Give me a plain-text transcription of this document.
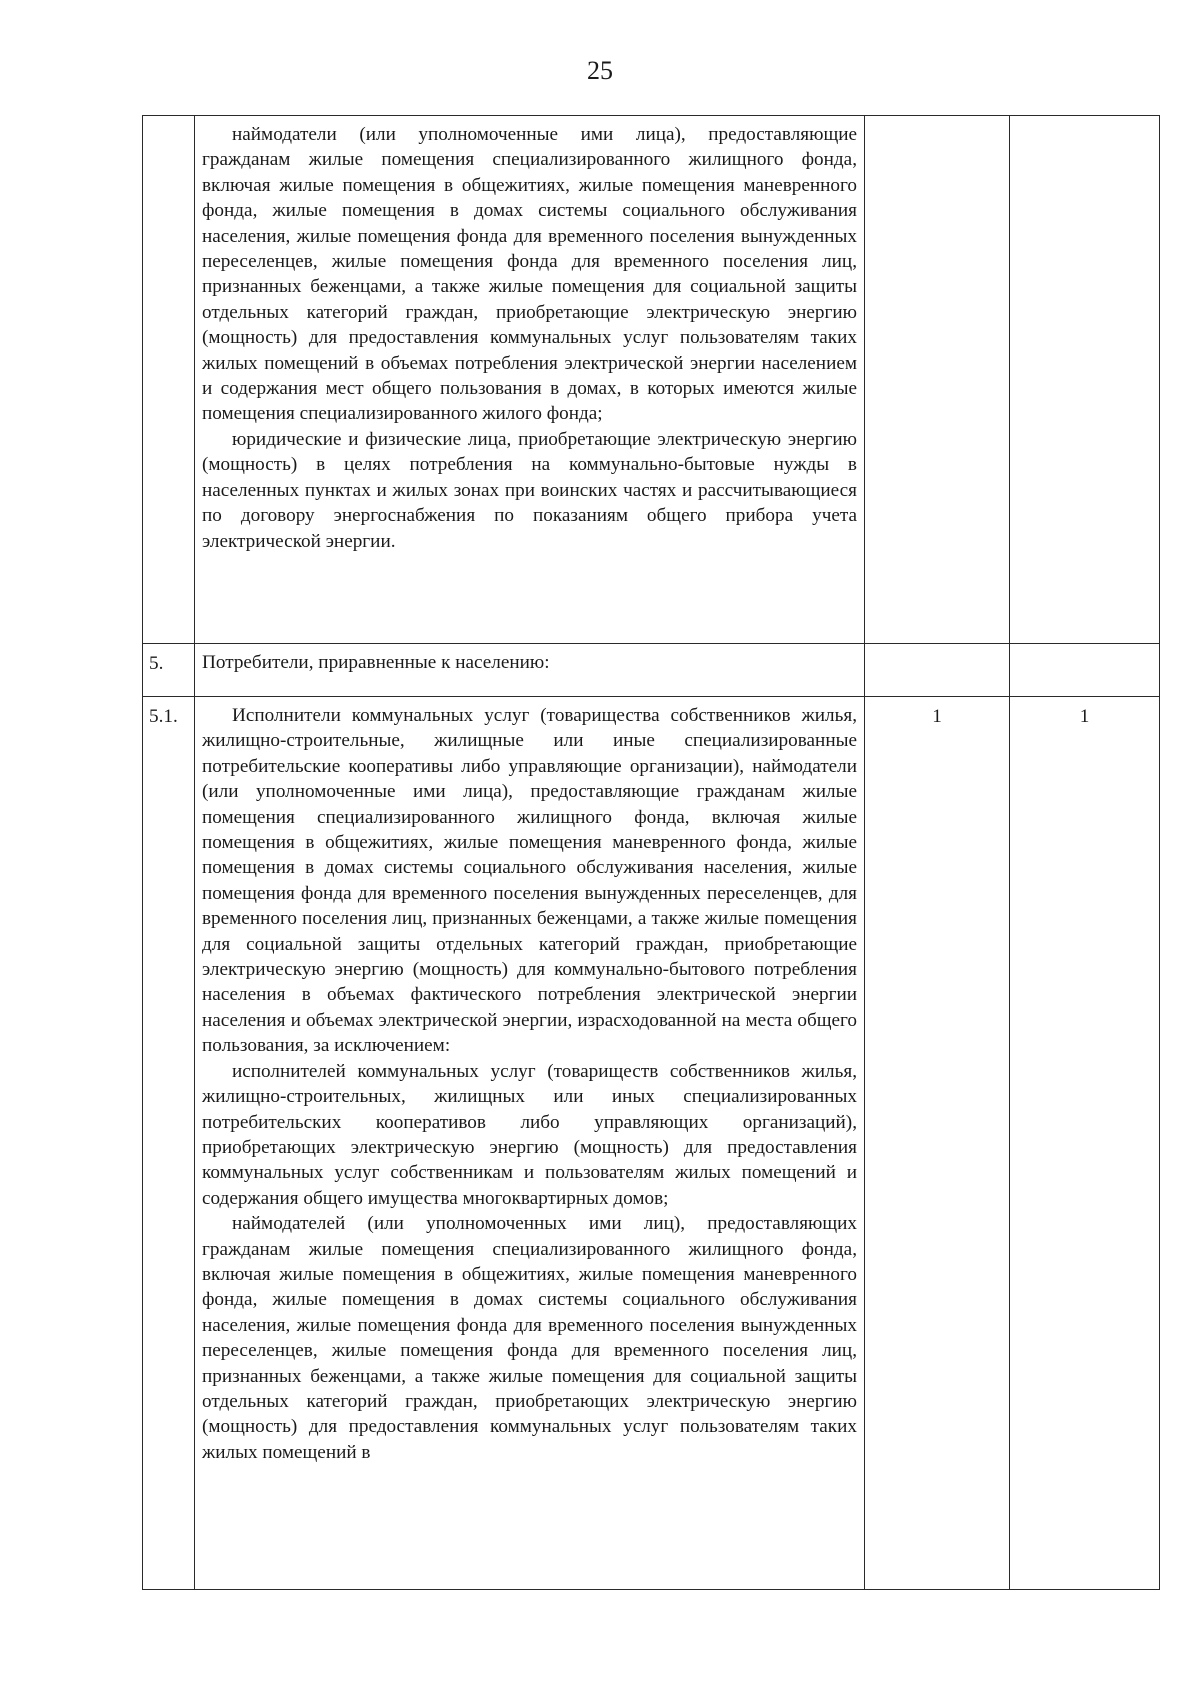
25

	наймодатели (или уполномоченные ими лица), предоставляющие гражданам жилые помещения специализированного жилищного фонда, включая жилые помещения в общежитиях, жилые помещения маневренного фонда, жилые помещения в домах системы социального обслуживания населения, жилые помещения фонда для временного поселения вынужденных переселенцев, жилые помещения фонда для временного поселения лиц, признанных беженцами, а также жилые помещения для социальной защиты отдельных категорий граждан, приобретающие электрическую энергию (мощность) для предоставления коммунальных услуг пользователям таких жилых помещений в объемах потребления электрической энергии населением и содержания мест общего пользования в домах, в которых имеются жилые помещения специализированного жилого фонда;

юридические и физические лица, приобретающие электрическую энергию (мощность) в целях потребления на коммунально-бытовые нужды в населенных пунктах и жилых зонах при воинских частях и рассчитывающиеся по договору энергоснабжения по показаниям общего прибора учета электрической энергии.		

5.	Потребители, приравненные к населению:		

5.1.	Исполнители коммунальных услуг (товарищества собственников жилья, жилищно-строительные, жилищные или иные специализированные потребительские кооперативы либо управляющие организации), наймодатели (или уполномоченные ими лица), предоставляющие гражданам жилые помещения специализированного жилищного фонда, включая жилые помещения в общежитиях, жилые помещения маневренного фонда, жилые помещения в домах системы социального обслуживания населения, жилые помещения фонда для временного поселения вынужденных переселенцев, для временного поселения лиц, признанных беженцами, а также жилые помещения для социальной защиты отдельных категорий граждан, приобретающие электрическую энергию (мощность) для коммунально-бытового потребления населения в объемах фактического потребления электрической энергии населения и объемах электрической энергии, израсходованной на места общего пользования, за исключением:

исполнителей коммунальных услуг (товариществ собственников жилья, жилищно-строительных, жилищных или иных специализированных потребительских кооперативов либо управляющих организаций), приобретающих электрическую энергию (мощность) для предоставления коммунальных услуг собственникам и пользователям жилых помещений и содержания общего имущества многоквартирных домов;

наймодателей (или уполномоченных ими лиц), предоставляющих гражданам жилые помещения специализированного жилищного фонда, включая жилые помещения в общежитиях, жилые помещения маневренного фонда, жилые помещения в домах системы социального обслуживания населения, жилые помещения фонда для временного поселения вынужденных переселенцев, жилые помещения фонда для временного поселения лиц, признанных беженцами, а также жилые помещения для социальной защиты отдельных категорий граждан, приобретающих электрическую энергию (мощность) для предоставления коммунальных услуг пользователям таких жилых помещений в	1	1
